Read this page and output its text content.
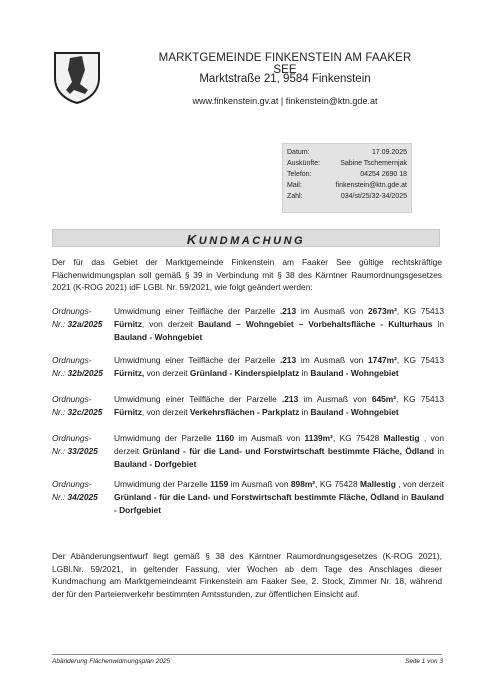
MARKTGEMEINDE FINKENSTEIN AM FAAKER SEE
Marktstraße 21, 9584 Finkenstein
www.finkenstein.gv.at | finkenstein@ktn.gde.at
Datum:	17.09.2025
Auskünfte:	Sabine Tschemernjak
Telefon:	04254 2690 18
Mail:	finkenstein@ktn.gde.at
Zahl:	034/st/25/32-34/2025
KUNDMACHUNG
Der für das Gebiet der Marktgemeinde Finkenstein am Faaker See gültige rechtskräftige Flächenwidmungsplan soll gemäß § 39 in Verbindung mit § 38 des Kärntner Raumordnungsgesetzes 2021 (K-ROG 2021) idF LGBl. Nr. 59/2021, wie folgt geändert werden:
Ordnungs-
Nr.: 32a/2025
Umwidmung einer Teilfläche der Parzelle .213 im Ausmaß von 2673m², KG 75413 Fürnitz, von derzeit Bauland – Wohngebiet – Vorbehaltsfläche - Kulturhaus in Bauland - Wohngebiet
Ordnungs-
Nr.: 32b/2025
Umwidmung einer Teilfläche der Parzelle .213 im Ausmaß von 1747m², KG 75413 Fürnitz, von derzeit Grünland - Kinderspielplatz in Bauland - Wohngebiet
Ordnungs-
Nr.: 32c/2025
Umwidmung einer Teilfläche der Parzelle .213 im Ausmaß von 645m², KG 75413 Fürnitz, von derzeit Verkehrsflächen - Parkplatz in Bauland - Wohngebiet
Ordnungs-
Nr.: 33/2025
Umwidmung der Parzelle 1160 im Ausmaß von 1139m², KG 75428 Mallestig , von derzeit Grünland - für die Land- und Forstwirtschaft bestimmte Fläche, Ödland in Bauland - Dorfgebiet
Ordnungs-
Nr.: 34/2025
Umwidmung der Parzelle 1159 im Ausmaß von 898m², KG 75428 Mallestig , von derzeit Grünland - für die Land- und Forstwirtschaft bestimmte Fläche, Ödland in Bauland - Dorfgebiet
Der Abänderungsentwurf liegt gemäß § 38 des Kärntner Raumordnungsgesetzes (K-ROG 2021), LGBl.Nr. 59/2021, in geltender Fassung, vier Wochen ab dem Tage des Anschlages dieser Kundmachung am Marktgemeindeamt Finkenstein am Faaker See, 2. Stock, Zimmer Nr. 18, während der für den Parteienverkehr bestimmten Amtsstunden, zur öffentlichen Einsicht auf.
Abänderung Flächenwidmungsplan 2025	Seite 1 von 3
